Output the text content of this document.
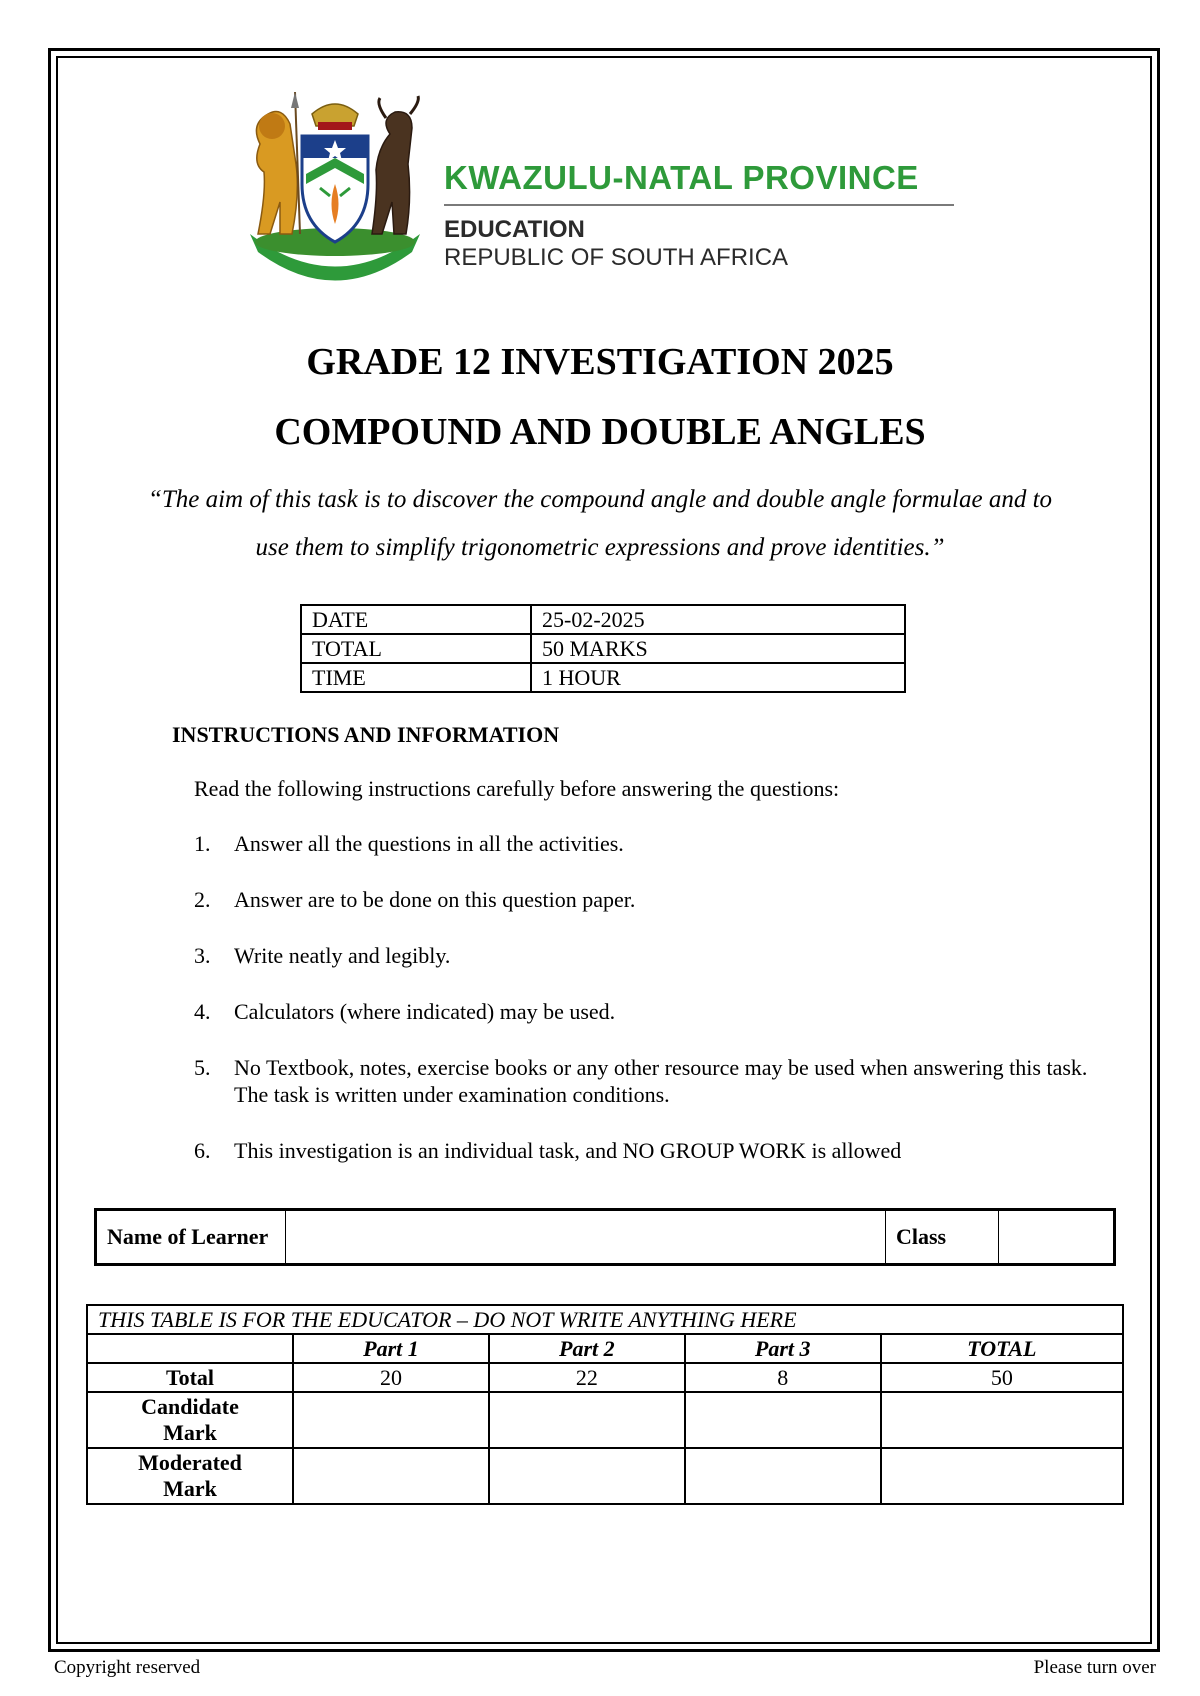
KWAZULU-NATAL PROVINCE
EDUCATION
REPUBLIC OF SOUTH AFRICA
GRADE 12 INVESTIGATION 2025
COMPOUND AND DOUBLE ANGLES
“The aim of this task is to discover the compound angle and double angle formulae and to
use them to simplify trigonometric expressions and prove identities.”
DATE	25-02-2025
TOTAL	50 MARKS
TIME	1 HOUR
INSTRUCTIONS AND INFORMATION
Read the following instructions carefully before answering the questions:
1.	Answer all the questions in all the activities.
2.	Answer are to be done on this question paper.
3.	Write neatly and legibly.
4.	Calculators (where indicated) may be used.
5.	No Textbook, notes, exercise books or any other resource may be used when answering this task. The task is written under examination conditions.
6.	This investigation is an individual task, and NO GROUP WORK is allowed
Name of Learner		Class	
THIS TABLE IS FOR THE EDUCATOR – DO NOT WRITE ANYTHING HERE				
	Part 1	Part 2	Part 3	TOTAL
Total	20	22	8	50
Candidate Mark				
Moderated Mark				
Copyright reserved	Please turn over
